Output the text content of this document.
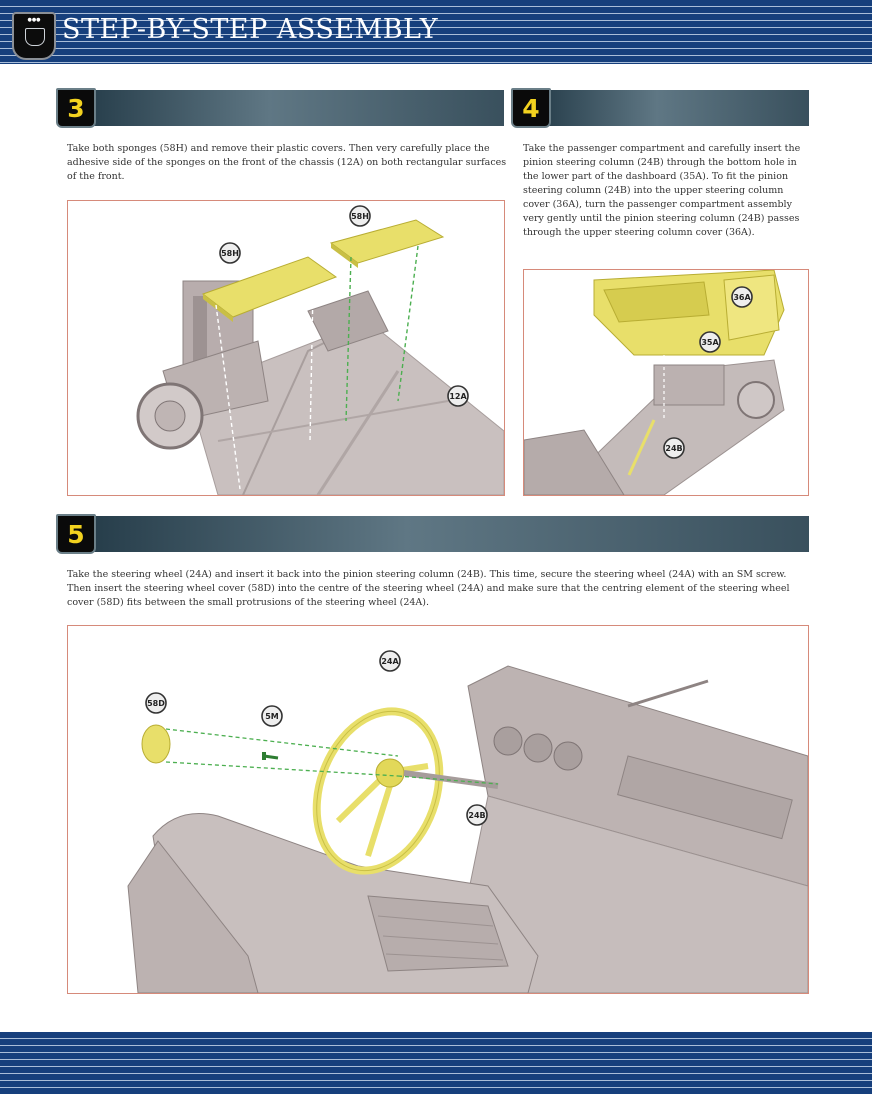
●●● STEP-BY-STEP ASSEMBLY
3

Take both sponges (58H) and remove their plastic covers. Then very carefully place the adhesive side of the sponges on the front of the chassis (12A) on both rectangular surfaces of the front.

58H
58H
12A
4

Take the passenger compartment and carefully insert the pinion steering column (24B) through the bottom hole in the lower part of the dashboard (35A). To fit the pinion steering column (24B) into the upper steering column cover (36A), turn the passenger compartment assembly very gently until the pinion steering column (24B) passes through the upper steering column cover (36A).

36A
35A
24B
5

Take the steering wheel (24A) and insert it back into the pinion steering column (24B). This time, secure the steering wheel (24A) with an SM screw. Then insert the steering wheel cover (58D) into the centre of the steering wheel (24A) and make sure that the centring element of the steering wheel cover (58D) fits between the small protrusions of the steering wheel (24A).

24A
58D
5M
24B
